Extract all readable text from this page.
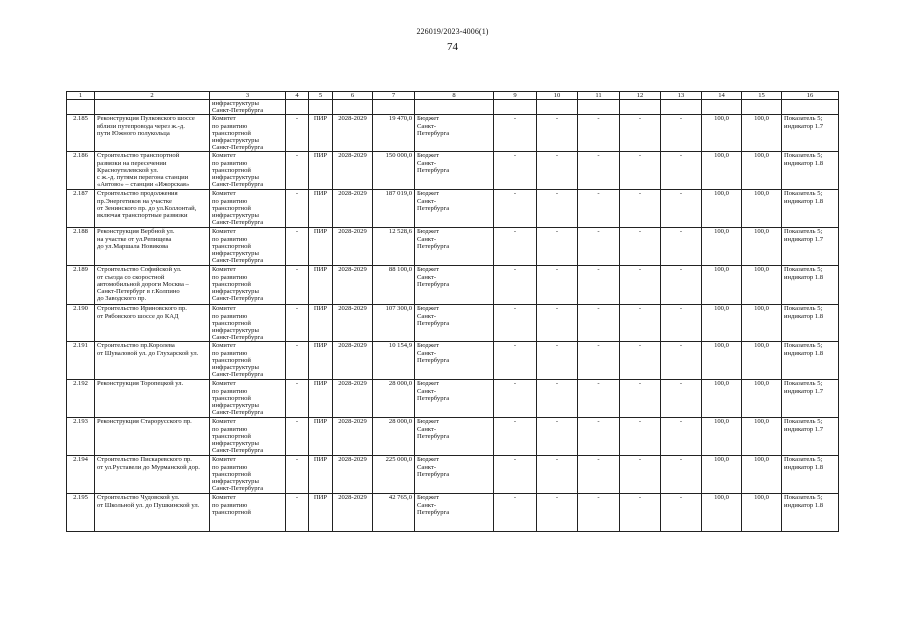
226019/2023-4006(1)
74
1	2	3	4	5	6	7	8	9	10	11	12	13	14	15	16
		инфраструктуры
Санкт-Петербурга													
2.185	Реконструкция Пулковского шоссе
вблизи путепровода через ж.-д.
пути Южного полукольца	Комитет
по развитию
транспортной
инфраструктуры
Санкт-Петербурга	-	ПИР	2028-2029	19 470,0	Бюджет
Санкт-
Петербурга	-	-	-	-	-	100,0	100,0	Показатель 5;
индикатор 1.7
2.186	Строительство транспортной
развязки на пересечении
Красноутилевской ул.
с ж.-д. путями перегона станции
«Автово» – станции «Ижорская»	Комитет
по развитию
транспортной
инфраструктуры
Санкт-Петербурга	-	ПИР	2028-2029	150 000,0	Бюджет
Санкт-
Петербурга	-	-	-	-	-	100,0	100,0	Показатель 5;
индикатор 1.8
2.187	Строительство продолжения
пр.Энергетиков на участке
от Зенинского пр. до ул.Коллонтай,
включая транспортные развязки	Комитет
по развитию
транспортной
инфраструктуры
Санкт-Петербурга	-	ПИР	2028-2029	187 019,0	Бюджет
Санкт-
Петербурга	-	-	-	-	-	100,0	100,0	Показатель 5;
индикатор 1.8
2.188	Реконструкция Вербной ул.
на участке от ул.Репищева
до ул.Маршала Новикова	Комитет
по развитию
транспортной
инфраструктуры
Санкт-Петербурга	-	ПИР	2028-2029	12 528,6	Бюджет
Санкт-
Петербурга	-	-	-	-	-	100,0	100,0	Показатель 5;
индикатор 1.7
2.189	Строительство Софийской ул.
от съезда со скоростной
автомобильной дороги Москва –
Санкт-Петербург в г.Колпино
до Заводского пр.	Комитет
по развитию
транспортной
инфраструктуры
Санкт-Петербурга	-	ПИР	2028-2029	88 100,0	Бюджет
Санкт-
Петербурга	-	-	-	-	-	100,0	100,0	Показатель 5;
индикатор 1.8
2.190	Строительство Ириновского пр.
от Рябовского шоссе до КАД	Комитет
по развитию
транспортной
инфраструктуры
Санкт-Петербурга	-	ПИР	2028-2029	107 300,0	Бюджет
Санкт-
Петербурга	-	-	-	-	-	100,0	100,0	Показатель 5;
индикатор 1.8
2.191	Строительство пр.Королева
от Шуваловой ул. до Глухарской ул.	Комитет
по развитию
транспортной
инфраструктуры
Санкт-Петербурга	-	ПИР	2028-2029	10 154,9	Бюджет
Санкт-
Петербурга	-	-	-	-	-	100,0	100,0	Показатель 5;
индикатор 1.8
2.192	Реконструкция Торопецкой ул.	Комитет
по развитию
транспортной
инфраструктуры
Санкт-Петербурга	-	ПИР	2028-2029	28 000,0	Бюджет
Санкт-
Петербурга	-	-	-	-	-	100,0	100,0	Показатель 5;
индикатор 1.7
2.193	Реконструкция Старорусского пр.	Комитет
по развитию
транспортной
инфраструктуры
Санкт-Петербурга	-	ПИР	2028-2029	28 000,0	Бюджет
Санкт-
Петербурга	-	-	-	-	-	100,0	100,0	Показатель 5;
индикатор 1.7
2.194	Строительство Пискаревского пр.
от ул.Руставели до Мурманской дор.	Комитет
по развитию
транспортной
инфраструктуры
Санкт-Петербурга	-	ПИР	2028-2029	225 000,0	Бюджет
Санкт-
Петербурга	-	-	-	-	-	100,0	100,0	Показатель 5;
индикатор 1.8
2.195	Строительство Чудовской ул.
от Школьной ул. до Пушкинской ул.	Комитет
по развитию
транспортной	-	ПИР	2028-2029	42 765,0	Бюджет
Санкт-
Петербурга	-	-	-	-	-	100,0	100,0	Показатель 5;
индикатор 1.8
